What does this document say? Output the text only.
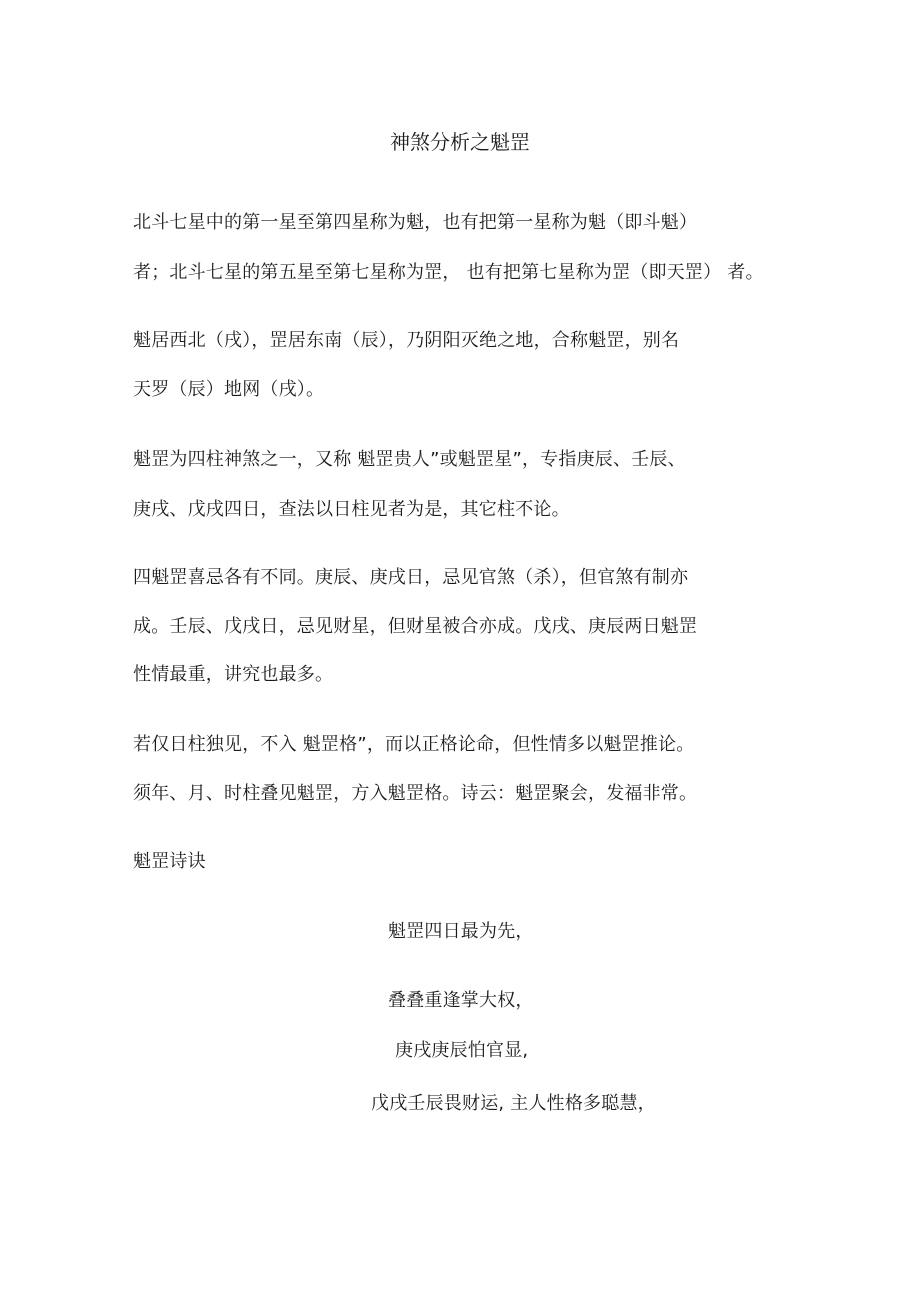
神煞分析之魁罡
北斗七星中的第一星至第四星称为魁，也有把第一星称为魁（即斗魁）
者；北斗七星的第五星至第七星称为罡， 也有把第七星称为罡（即天罡） 者。
魁居西北（戌），罡居东南（辰），乃阴阳灭绝之地，合称魁罡，别名
天罗（辰）地网（戌）。
魁罡为四柱神煞之一，又称 魁罡贵人”或魁罡星”，专指庚辰、壬辰、
庚戌、戊戌四日，查法以日柱见者为是，其它柱不论。
四魁罡喜忌各有不同。庚辰、庚戌日，忌见官煞（杀），但官煞有制亦
成。壬辰、戊戌日，忌见财星，但财星被合亦成。戊戌、庚辰两日魁罡
性情最重，讲究也最多。
若仅日柱独见，不入 魁罡格”，而以正格论命，但性情多以魁罡推论。
须年、月、时柱叠见魁罡，方入魁罡格。诗云：魁罡聚会，发福非常。
魁罡诗诀
魁罡四日最为先，
叠叠重逢掌大权，
庚戌庚辰怕官显,
戊戌壬辰畏财运, 主人性格多聪慧，
